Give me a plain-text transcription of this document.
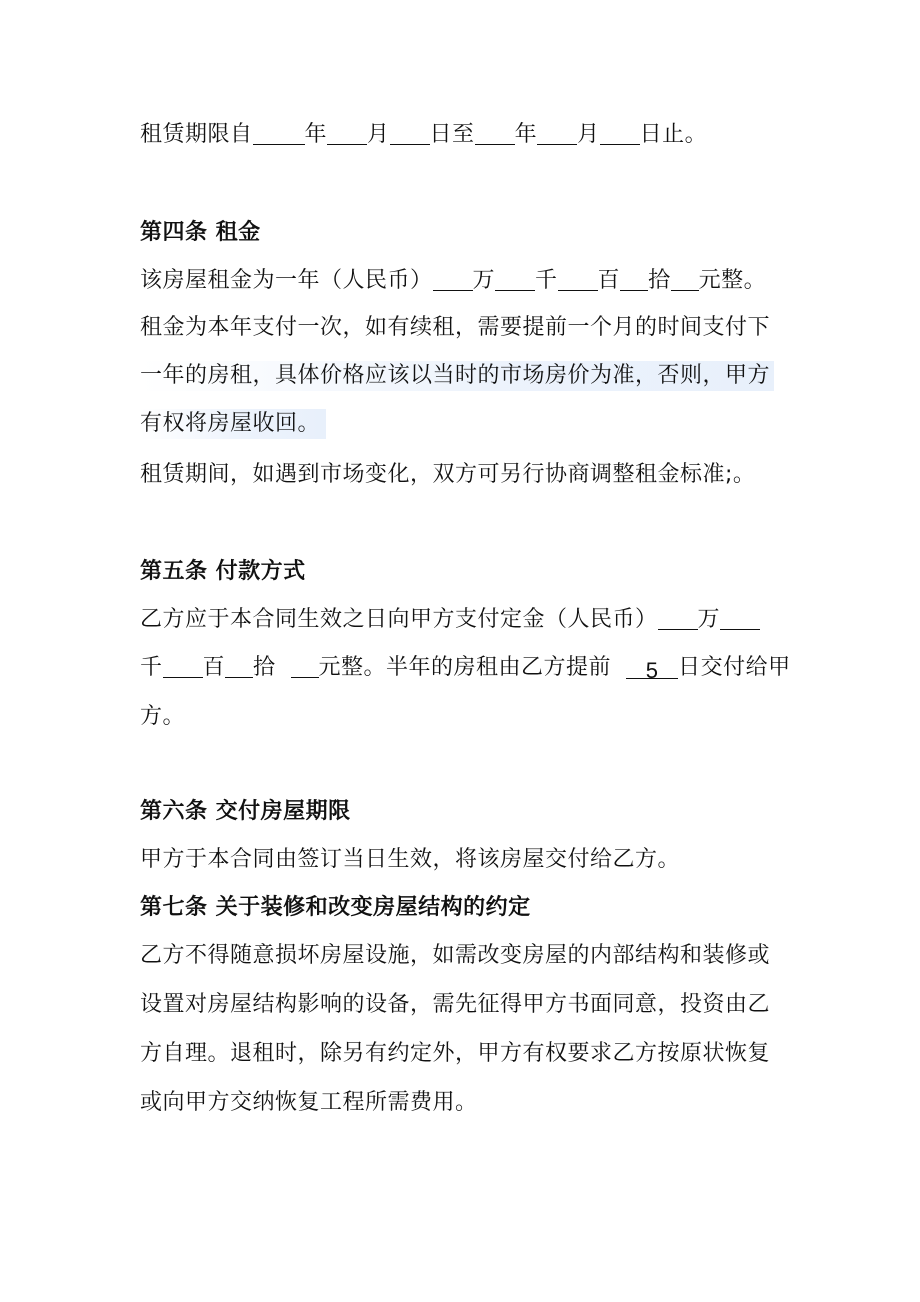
租赁期限自 年 月 日至 年 月 日止。

第四条 租金

该房屋租金为一年（人民币） 万 千 百 拾 元整。

租金为本年支付一次，如有续租，需要提前一个月的时间支付下

一年的房租，具体价格应该以当时的市场房价为准，否则，甲方

有权将房屋收回。

租赁期间，如遇到市场变化，双方可另行协商调整租金标准;。

第五条 付款方式

乙方应于本合同生效之日向甲方支付定金（人民币） 万

千 百 拾 元整。半年的房租由乙方提前 5 日交付给甲

方。

第六条 交付房屋期限

甲方于本合同由签订当日生效，将该房屋交付给乙方。

第七条 关于装修和改变房屋结构的约定

乙方不得随意损坏房屋设施，如需改变房屋的内部结构和装修或

设置对房屋结构影响的设备，需先征得甲方书面同意，投资由乙

方自理。退租时，除另有约定外，甲方有权要求乙方按原状恢复

或向甲方交纳恢复工程所需费用。
